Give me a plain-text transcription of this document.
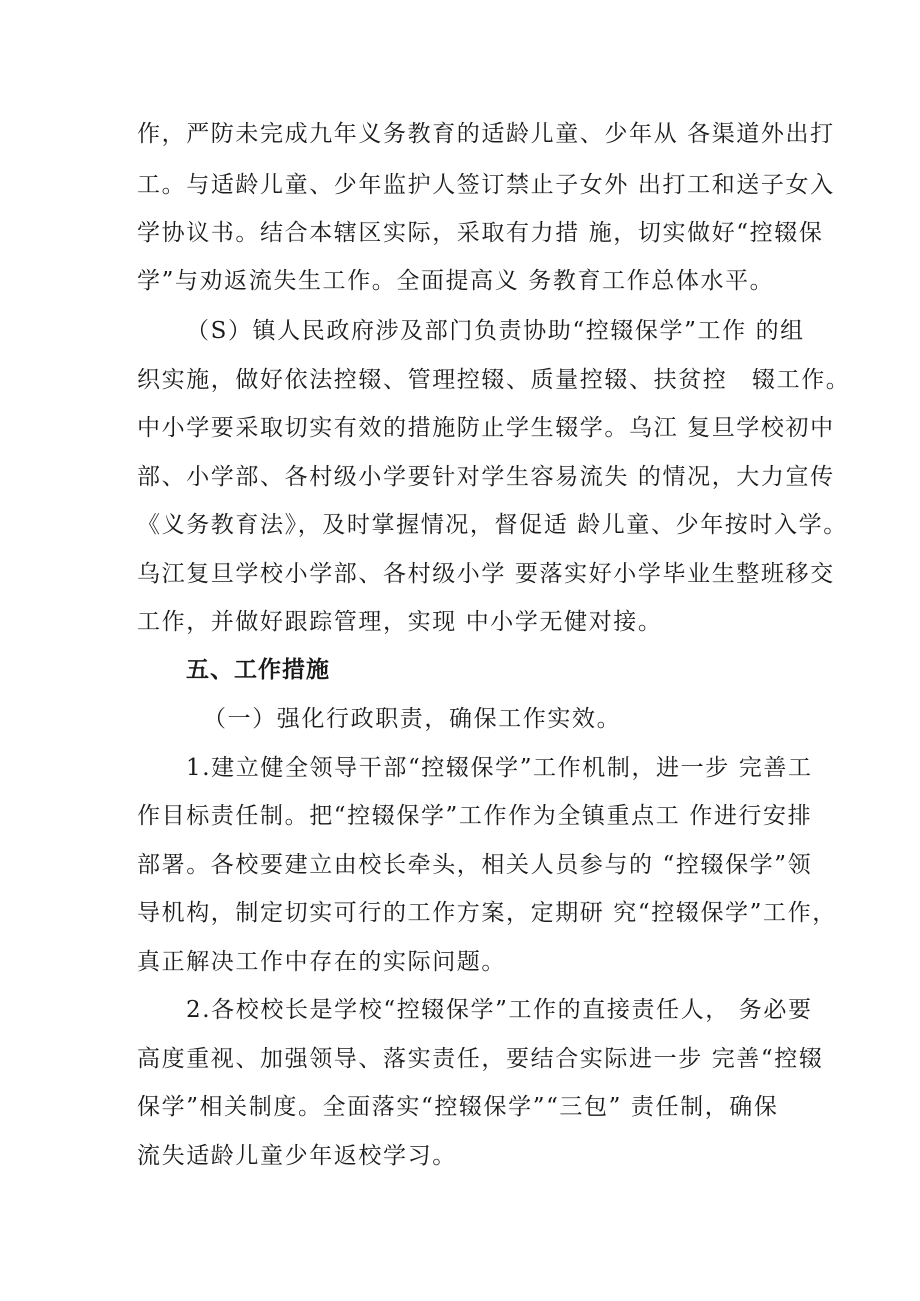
作，严防未完成九年义务教育的适龄儿童、少年从 各渠道外出打
工。与适龄儿童、少年监护人签订禁止子女外 出打工和送子女入
学协议书。结合本辖区实际，采取有力措 施，切实做好“控辍保
学”与劝返流失生工作。全面提高义 务教育工作总体水平。
（S）镇人民政府涉及部门负责协助“控辍保学”工作 的组
织实施，做好依法控辍、管理控辍、质量控辍、扶贫控　辍工作。
中小学要采取切实有效的措施防止学生辍学。乌江 复旦学校初中
部、小学部、各村级小学要针对学生容易流失 的情况，大力宣传
《义务教育法》，及时掌握情况，督促适 龄儿童、少年按时入学。
乌江复旦学校小学部、各村级小学 要落实好小学毕业生整班移交
工作，并做好跟踪管理，实现 中小学无健对接。
五、工作措施
（一）强化行政职责，确保工作实效。
1.建立健全领导干部“控辍保学”工作机制，进一步 完善工
作目标责任制。把“控辍保学”工作作为全镇重点工 作进行安排
部署。各校要建立由校长牵头，相关人员参与的 “控辍保学”领
导机构，制定切实可行的工作方案，定期研 究“控辍保学”工作，
真正解决工作中存在的实际问题。
2.各校校长是学校“控辍保学”工作的直接责任人， 务必要
高度重视、加强领导、落实责任，要结合实际进一步 完善“控辍
保学”相关制度。全面落实“控辍保学”“三包” 责任制，确保
流失适龄儿童少年返校学习。
